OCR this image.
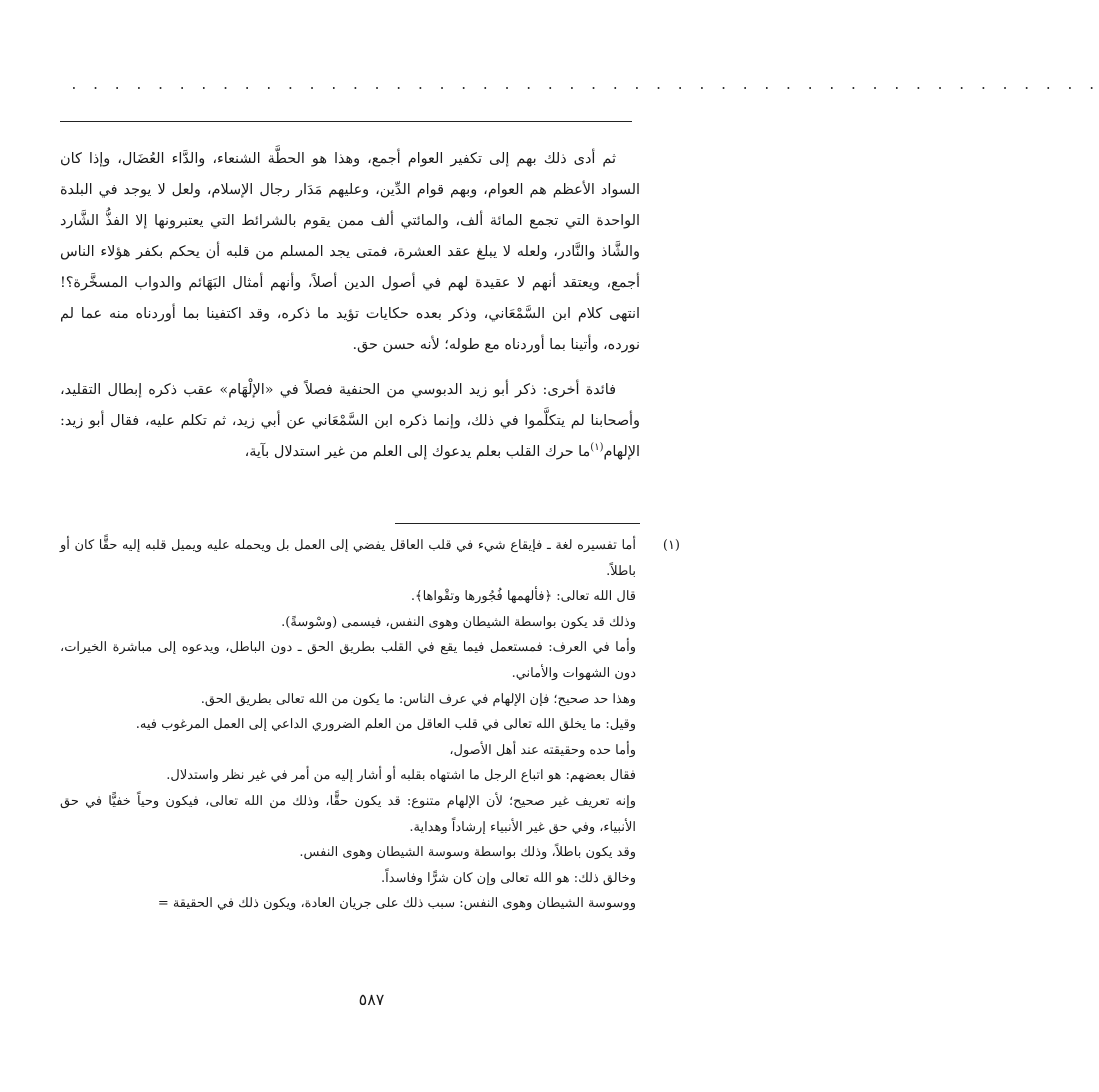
. . . . . . . . . . . . . . . . . . . . . . . . . . . . . . . . . . . . . . . . . . . . . . . .

ثم أدى ذلك بهم إلى تكفير العوام أجمع، وهذا هو الحطَّة الشنعاء، والدَّاء العُضَال، وإذا كان السواد الأعظم هم العوام، وبهم قوام الدِّين، وعليهم مَدَار رجال الإسلام، ولعل لا يوجد في البلدة الواحدة التي تجمع المائة ألف، والمائتي ألف ممن يقوم بالشرائط التي يعتبرونها إلا الفذُّ الشَّارد والشَّاذ والنَّادر، ولعله لا يبلغ عقد العشرة، فمتى يجد المسلم من قلبه أن يحكم بكفر هؤلاء الناس أجمع، ويعتقد أنهم لا عقيدة لهم في أصول الدين أصلاً، وأنهم أمثال البَهَائم والدواب المسخَّرة؟! انتهى كلام ابن السَّمْعَاني، وذكر بعده حكايات تؤيد ما ذكره، وقد اكتفينا بما أوردناه منه عما لم نورده، وأتينا بما أوردناه مع طوله؛ لأنه حسن حق.

فائدة أخرى: ذكر أبو زيد الدبوسي من الحنفية فصلاً في «الإلْهَام» عقب ذكره إبطال التقليد، وأصحابنا لم يتكلَّموا في ذلك، وإنما ذكره ابن السَّمْعَاني عن أبي زيد، ثم تكلم عليه، فقال أبو زيد: الإلهام$^{(١)}$ما حرك القلب بعلم يدعوك إلى العلم من غير استدلال بآية،

(١)
أما تفسيره لغة ـ فإيقاع شيء في قلب العاقل يفضي إلى العمل بل ويحمله عليه ويميل قلبه إليه حقًّا كان أو باطلاً.
قال الله تعالى: ﴿فألهمها فُجُورها وتقْواها﴾.
وذلك قد يكون بواسطة الشيطان وهوى النفس، فيسمى (وسْوسةً).
وأما في العرف: فمستعمل فيما يقع في القلب بطريق الحق ـ دون الباطل، ويدعوه إلى مباشرة الخيرات، دون الشهوات والأماني.
وهذا حد صحيح؛ فإن الإلهام في عرف الناس: ما يكون من الله تعالى بطريق الحق.
وقيل: ما يخلق الله تعالى في قلب العاقل من العلم الضروري الداعي إلى العمل المرغوب فيه.
وأما حده وحقيقته عند أهل الأصول،
فقال بعضهم: هو اتباع الرجل ما اشتهاه بقلبه أو أشار إليه من أمر في غير نظر واستدلال.
وإنه تعريف غير صحيح؛ لأن الإلهام متنوع: قد يكون حقًّا، وذلك من الله تعالى، فيكون وحياً خفيًّا في حق الأنبياء، وفي حق غير الأنبياء إرشاداً وهداية.
وقد يكون باطلاً، وذلك بواسطة وسوسة الشيطان وهوى النفس.
وخالق ذلك: هو الله تعالى وإن كان شرًّا وفاسداً.
ووسوسة الشيطان وهوى النفس: سبب ذلك على جريان العادة، ويكون ذلك في الحقيقة =
٥٨٧
